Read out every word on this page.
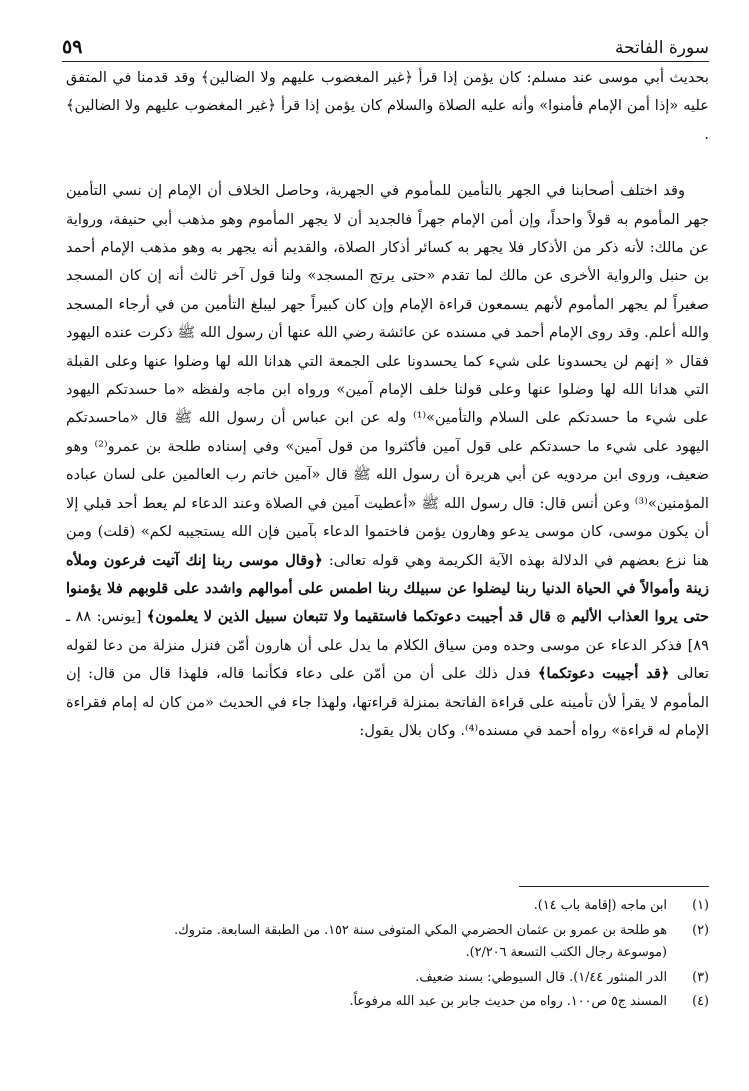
سورة الفاتحة
٥٩

بحديث أبي موسى عند مسلم: كان يؤمن إذا قرأ ﴿غير المغضوب عليهم ولا الضالين﴾ وقد قدمنا في المتفق عليه «إذا أمن الإمام فأمنوا» وأنه عليه الصلاة والسلام كان يؤمن إذا قرأ ﴿غير المغضوب عليهم ولا الضالين﴾ .

وقد اختلف أصحابنا في الجهر بالتأمين للمأموم في الجهرية، وحاصل الخلاف أن الإمام إن نسي التأمين جهر المأموم به قولاً واحداً، وإن أمن الإمام جهراً فالجديد أن لا يجهر المأموم وهو مذهب أبي حنيفة، ورواية عن مالك: لأنه ذكر من الأذكار فلا يجهر به كسائر أذكار الصلاة، والقديم أنه يجهر به وهو مذهب الإمام أحمد بن حنبل والرواية الأخرى عن مالك لما تقدم «حتى يرتج المسجد» ولنا قول آخر ثالث أنه إن كان المسجد صغيراً لم يجهر المأموم لأنهم يسمعون قراءة الإمام وإن كان كبيراً جهر ليبلغ التأمين من في أرجاء المسجد والله أعلم. وقد روى الإمام أحمد في مسنده عن عائشة رضي الله عنها أن رسول الله ﷺ ذكرت عنده اليهود فقال « إنهم لن يحسدونا على شيء كما يحسدونا على الجمعة التي هدانا الله لها وضلوا عنها وعلى القبلة التي هدانا الله لها وضلوا عنها وعلى قولنا خلف الإمام آمين» ورواه ابن ماجه ولفظه «ما حسدتكم اليهود على شيء ما حسدتكم على السلام والتأمين»⁽¹⁾ وله عن ابن عباس أن رسول الله ﷺ قال «ماحسدتكم اليهود على شيء ما حسدتكم على قول آمين فأكثروا من قول آمين» وفي إسناده طلحة بن عمرو⁽²⁾ وهو ضعيف، وروى ابن مردويه عن أبي هريرة أن رسول الله ﷺ قال «آمين خاتم رب العالمين على لسان عباده المؤمنين»⁽³⁾ وعن أنس قال: قال رسول الله ﷺ «أعطيت آمين في الصلاة وعند الدعاء لم يعط أحد قبلي إلا أن يكون موسى، كان موسى يدعو وهارون يؤمن فاختموا الدعاء بآمين فإن الله يستجيبه لكم» (قلت) ومن هنا نزع بعضهم في الدلالة بهذه الآية الكريمة وهي قوله تعالى: ﴿وقال موسى ربنا إنك آتيت فرعون وملأه زينة وأموالاً في الحياة الدنيا ربنا ليضلوا عن سبيلك ربنا اطمس على أموالهم واشدد على قلوبهم فلا يؤمنوا حتى يروا العذاب الأليم ۞ قال قد أجيبت دعوتكما فاستقيما ولا تتبعان سبيل الذين لا يعلمون﴾ [يونس: ٨٨ ـ ٨٩] فذكر الدعاء عن موسى وحده ومن سياق الكلام ما يدل على أن هارون أمّن فنزل منزلة من دعا لقوله تعالى ﴿قد أجيبت دعوتكما﴾ فدل ذلك على أن من أمّن على دعاء فكأنما قاله، فلهذا قال من قال: إن المأموم لا يقرأ لأن تأمينه على قراءة الفاتحة بمنزلة قراءتها، ولهذا جاء في الحديث «من كان له إمام فقراءة الإمام له قراءة» رواه أحمد في مسنده⁽⁴⁾. وكان بلال يقول:

(١)
ابن ماجه (إقامة باب ١٤).
(٢)
هو طلحة بن عمرو بن عثمان الحضرمي المكي المتوفى سنة ١٥٢. من الطبقة السابعة. متروك.
(موسوعة رجال الكتب التسعة ٢/٢٠٦).
(٣)
الدر المنثور ١/٤٤). قال السيوطي: بسند ضعيف.
(٤)
المسند ج٥ ص١٠٠. رواه من حديث جابر بن عبد الله مرفوعاً.
